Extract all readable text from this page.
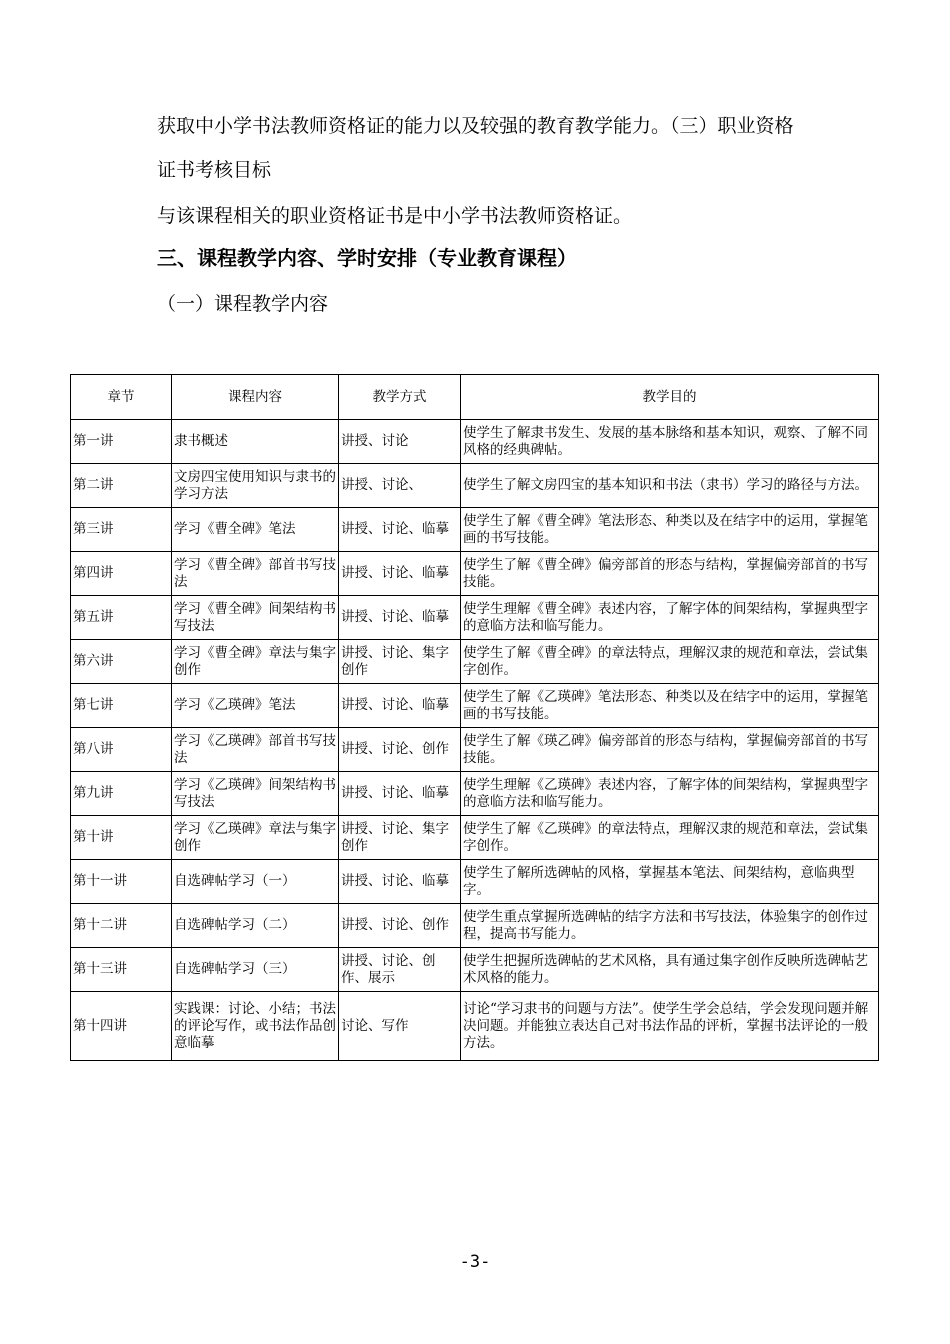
获取中小学书法教师资格证的能力以及较强的教育教学能力。（三）职业资格
证书考核目标
与该课程相关的职业资格证书是中小学书法教师资格证。
三、课程教学内容、学时安排（专业教育课程）
（一）课程教学内容
章节	课程内容	教学方式	教学目的
第一讲	隶书概述	讲授、讨论	使学生了解隶书发生、发展的基本脉络和基本知识，观察、了解不同风格的经典碑帖。
第二讲	文房四宝使用知识与隶书的学习方法	讲授、讨论、	使学生了解文房四宝的基本知识和书法（隶书）学习的路径与方法。
第三讲	学习《曹全碑》笔法	讲授、讨论、临摹	使学生了解《曹全碑》笔法形态、种类以及在结字中的运用，掌握笔画的书写技能。
第四讲	学习《曹全碑》部首书写技法	讲授、讨论、临摹	使学生了解《曹全碑》偏旁部首的形态与结构，掌握偏旁部首的书写技能。
第五讲	学习《曹全碑》间架结构书写技法	讲授、讨论、临摹	使学生理解《曹全碑》表述内容，了解字体的间架结构，掌握典型字的意临方法和临写能力。
第六讲	学习《曹全碑》章法与集字创作	讲授、讨论、集字创作	使学生了解《曹全碑》的章法特点，理解汉隶的规范和章法，尝试集字创作。
第七讲	学习《乙瑛碑》笔法	讲授、讨论、临摹	使学生了解《乙瑛碑》笔法形态、种类以及在结字中的运用，掌握笔画的书写技能。
第八讲	学习《乙瑛碑》部首书写技法	讲授、讨论、创作	使学生了解《瑛乙碑》偏旁部首的形态与结构，掌握偏旁部首的书写技能。
第九讲	学习《乙瑛碑》间架结构书写技法	讲授、讨论、临摹	使学生理解《乙瑛碑》表述内容，了解字体的间架结构，掌握典型字的意临方法和临写能力。
第十讲	学习《乙瑛碑》章法与集字创作	讲授、讨论、集字创作	使学生了解《乙瑛碑》的章法特点，理解汉隶的规范和章法，尝试集字创作。
第十一讲	自选碑帖学习（一）	讲授、讨论、临摹	使学生了解所选碑帖的风格，掌握基本笔法、间架结构，意临典型字。
第十二讲	自选碑帖学习（二）	讲授、讨论、创作	使学生重点掌握所选碑帖的结字方法和书写技法，体验集字的创作过程，提高书写能力。
第十三讲	自选碑帖学习（三）	讲授、讨论、创作、展示	使学生把握所选碑帖的艺术风格，具有通过集字创作反映所选碑帖艺术风格的能力。
第十四讲	实践课：讨论、小结；书法的评论写作，或书法作品创意临摹	讨论、写作	讨论“学习隶书的问题与方法”。使学生学会总结，学会发现问题并解决问题。并能独立表达自己对书法作品的评析，掌握书法评论的一般方法。
-3-
